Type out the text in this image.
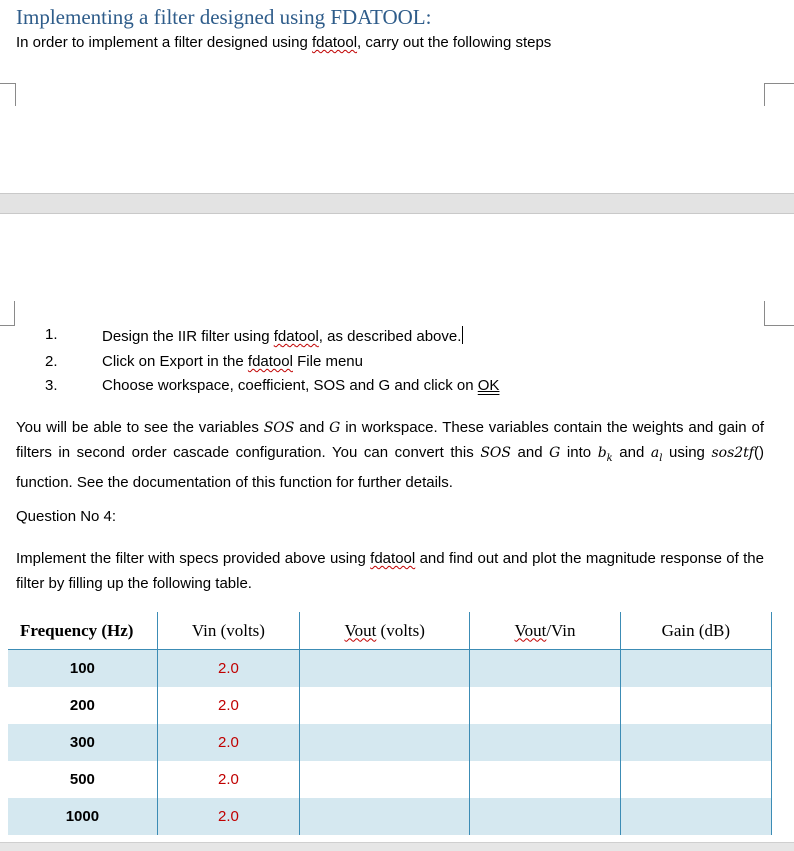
Implementing a filter designed using FDATOOL:
In order to implement a filter designed using fdatool, carry out the following steps
1.	Design the IIR filter using fdatool, as described above.
2.	Click on Export in the fdatool File menu
3.	Choose workspace, coefficient, SOS and G and click on OK
You will be able to see the variables SOS and G in workspace. These variables contain the weights and gain of filters in second order cascade configuration. You can convert this SOS and G into $b_k$ and $a_l$ using sos2tf() function. See the documentation of this function for further details.
Question No 4:
Implement the filter with specs provided above using fdatool and find out and plot the magnitude response of the filter by filling up the following table.
Frequency (Hz)	Vin (volts)	Vout (volts)	Vout/Vin	Gain (dB)
100	2.0			
200	2.0			
300	2.0			
500	2.0			
1000	2.0			
